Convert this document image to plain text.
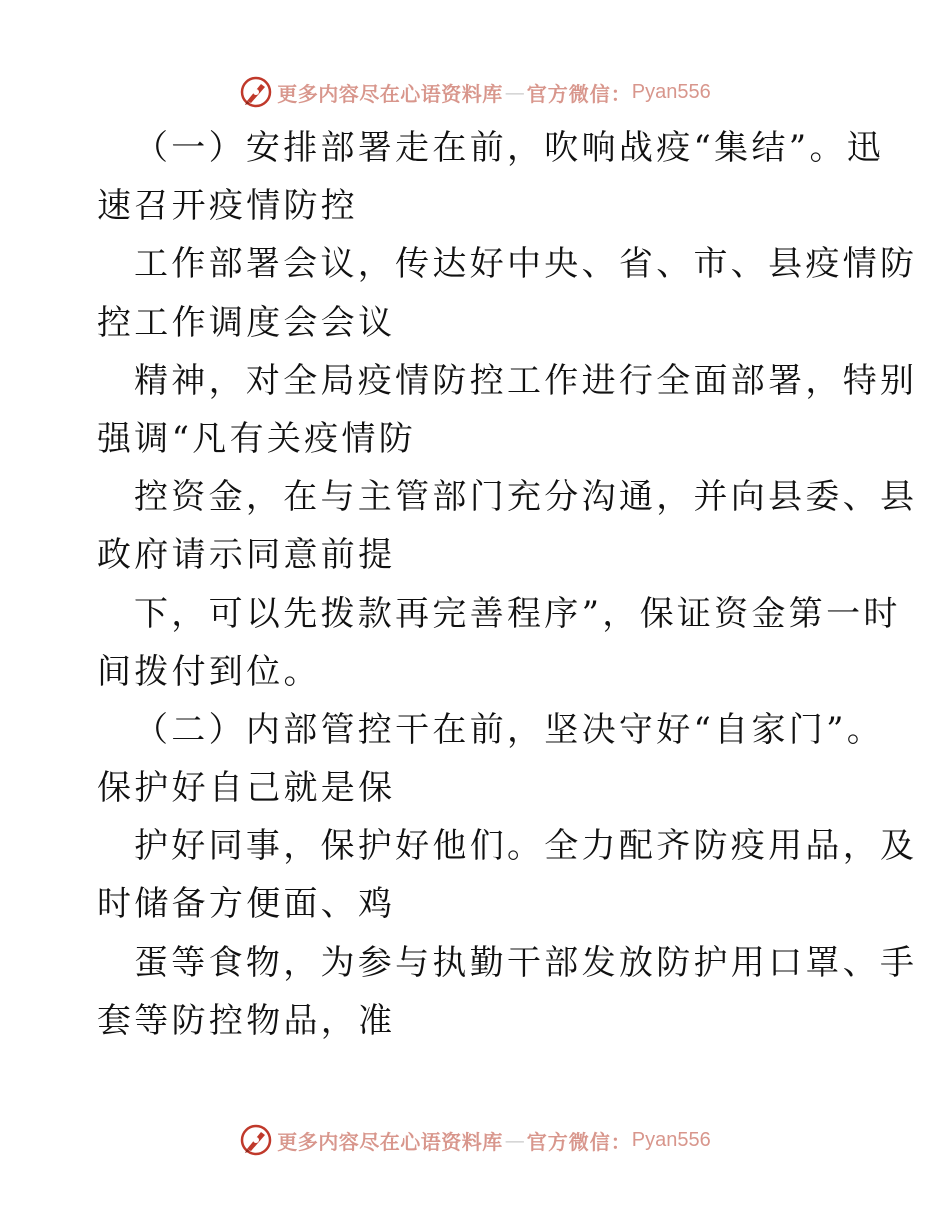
更多内容尽在心语资料库 — 官方微信： Pyan556
（一）安排部署走在前，吹响战疫“集结”。迅
速召开疫情防控
工作部署会议，传达好中央、省、市、县疫情防
控工作调度会会议
精神，对全局疫情防控工作进行全面部署，特别
强调“凡有关疫情防
控资金，在与主管部门充分沟通，并向县委、县
政府请示同意前提
下，可以先拨款再完善程序”，保证资金第一时
间拨付到位。
（二）内部管控干在前，坚决守好“自家门”。
保护好自己就是保
护好同事，保护好他们。全力配齐防疫用品，及
时储备方便面、鸡
蛋等食物，为参与执勤干部发放防护用口罩、手
套等防控物品，准
更多内容尽在心语资料库 — 官方微信： Pyan556
